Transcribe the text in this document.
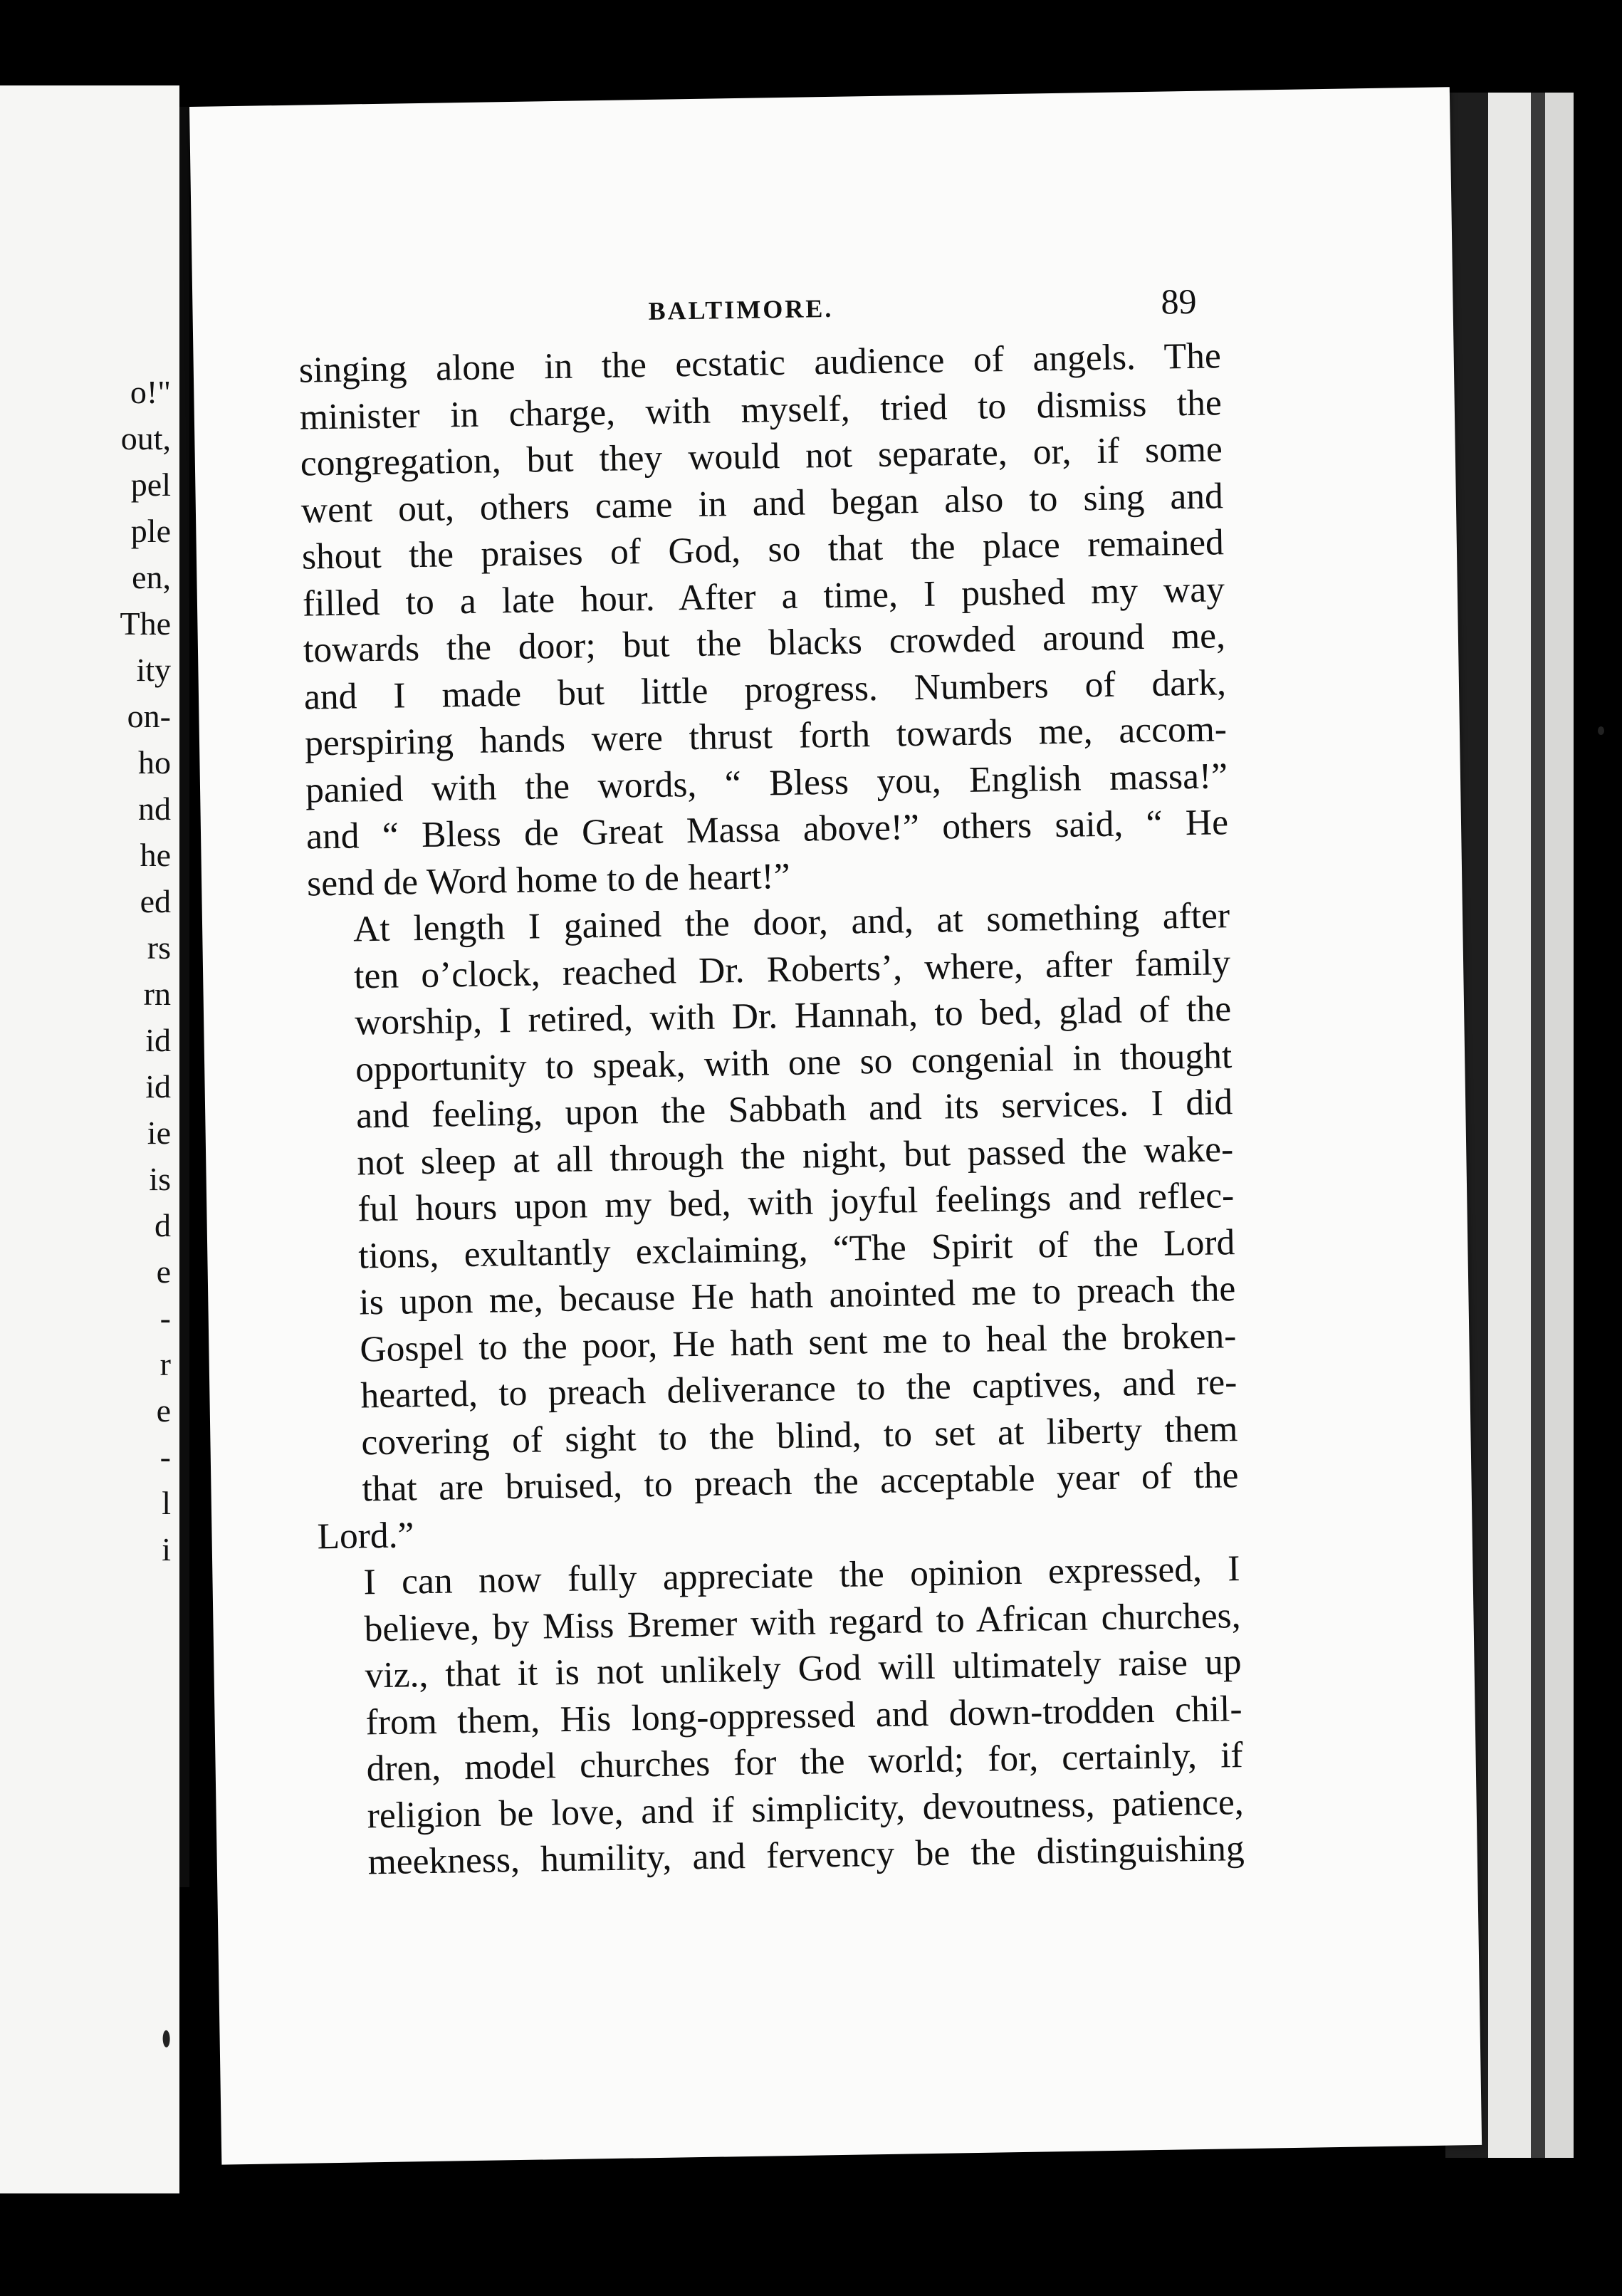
o!"
out,
pel
ple
en,
The
ity
on-
ho
nd
he
ed
rs
rn
id
id
ie
is
d
e
-
r
e
-
l
i
BALTIMORE.	89

singing alone in the ecstatic audience of angels. The
minister in charge, with myself, tried to dismiss the
congregation, but they would not separate, or, if some
went out, others came in and began also to sing and
shout the praises of God, so that the place remained
filled to a late hour. After a time, I pushed my way
towards the door; but the blacks crowded around me,
and I made but little progress. Numbers of dark,
perspiring hands were thrust forth towards me, accom-
panied with the words, “ Bless you, English massa!”
and “ Bless de Great Massa above!” others said, “ He

send de Word home to de heart!”

At length I gained the door, and, at something after
ten o’clock, reached Dr. Roberts’, where, after family
worship, I retired, with Dr. Hannah, to bed, glad of the
opportunity to speak, with one so congenial in thought
and feeling, upon the Sabbath and its services. I did
not sleep at all through the night, but passed the wake-
ful hours upon my bed, with joyful feelings and reflec-
tions, exultantly exclaiming, “The Spirit of the Lord
is upon me, because He hath anointed me to preach the
Gospel to the poor, He hath sent me to heal the broken-
hearted, to preach deliverance to the captives, and re-
covering of sight to the blind, to set at liberty them
that are bruised, to preach the acceptable year of the

Lord.”

I can now fully appreciate the opinion expressed, I
believe, by Miss Bremer with regard to African churches,
viz., that it is not unlikely God will ultimately raise up
from them, His long-oppressed and down-trodden chil-
dren, model churches for the world; for, certainly, if
religion be love, and if simplicity, devoutness, patience,
meekness, humility, and fervency be the distinguishing
